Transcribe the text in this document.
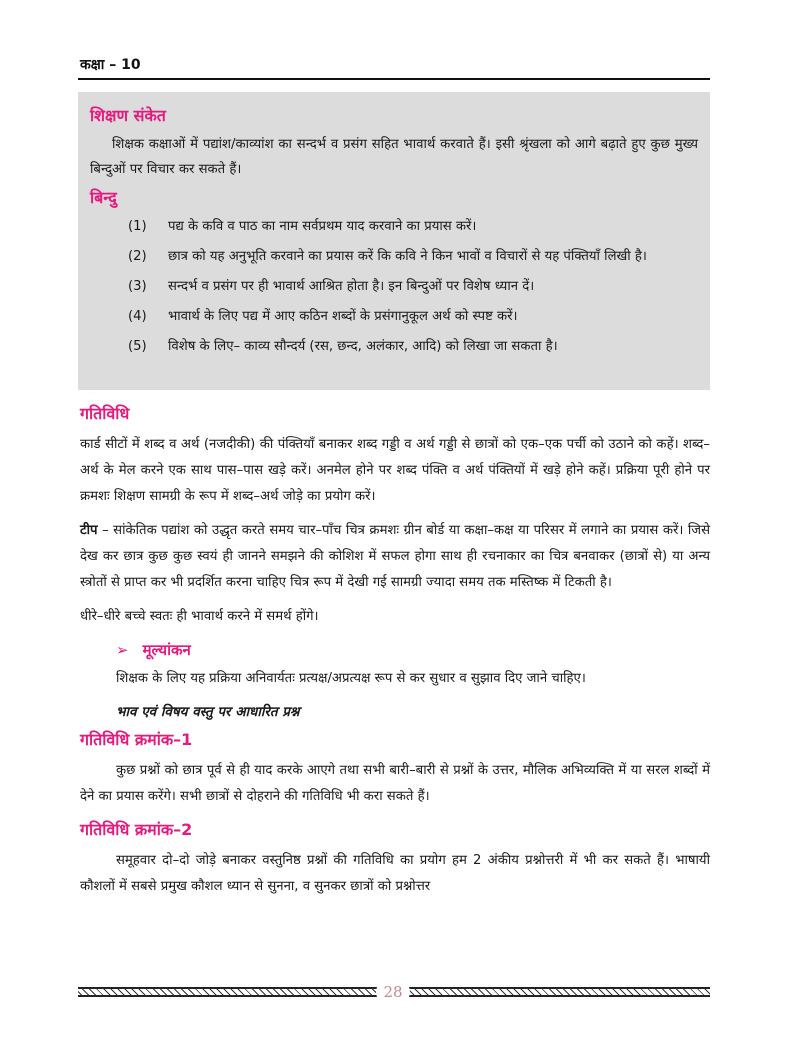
कक्षा – 10
शिक्षण संकेत

शिक्षक कक्षाओं में पद्यांश/काव्यांश का सन्दर्भ व प्रसंग सहित भावार्थ करवाते हैं। इसी श्रृंखला को आगे बढ़ाते हुए कुछ मुख्य बिन्दुओं पर विचार कर सकते हैं।

बिन्दु
(1)	पद्य के कवि व पाठ का नाम सर्वप्रथम याद करवाने का प्रयास करें।
(2)	छात्र को यह अनुभूति करवाने का प्रयास करें कि कवि ने किन भावों व विचारों से यह पंक्तियाँ लिखी है।
(3)	सन्दर्भ व प्रसंग पर ही भावार्थ आश्रित होता है। इन बिन्दुओं पर विशेष ध्यान दें।
(4)	भावार्थ के लिए पद्य में आए कठिन शब्दों के प्रसंगानुकूल अर्थ को स्पष्ट करें।
(5)	विशेष के लिए– काव्य सौन्दर्य (रस, छन्द, अलंकार, आदि) को लिखा जा सकता है।
गतिविधि

कार्ड सीटों में शब्द व अर्थ (नजदीकी) की पंक्तियाँ बनाकर शब्द गड्डी व अर्थ गड्डी से छात्रों को एक–एक पर्ची को उठाने को कहें। शब्द–अर्थ के मेल करने एक साथ पास–पास खड़े करें। अनमेल होने पर शब्द पंक्ति व अर्थ पंक्तियों में खड़े होने कहें। प्रक्रिया पूरी होने पर क्रमशः शिक्षण सामग्री के रूप में शब्द–अर्थ जोड़े का प्रयोग करें।

टीप – सांकेतिक पद्यांश को उद्धृत करते समय चार–पाँच चित्र क्रमशः ग्रीन बोर्ड या कक्षा–कक्ष या परिसर में लगाने का प्रयास करें। जिसे देख कर छात्र कुछ कुछ स्वयं ही जानने समझने की कोशिश में सफल होगा साथ ही रचनाकार का चित्र बनवाकर (छात्रों से) या अन्य स्त्रोतों से प्राप्त कर भी प्रदर्शित करना चाहिए चित्र रूप में देखी गई सामग्री ज्यादा समय तक मस्तिष्क में टिकती है।

धीरे–धीरे बच्चे स्वतः ही भावार्थ करने में समर्थ होंगे।

➢ मूल्यांकन

शिक्षक के लिए यह प्रक्रिया अनिवार्यतः प्रत्यक्ष/अप्रत्यक्ष रूप से कर सुधार व सुझाव दिए जाने चाहिए।

भाव एवं विषय वस्तु पर आधारित प्रश्न
गतिविधि क्रमांक–1

कुछ प्रश्नों को छात्र पूर्व से ही याद करके आएगे तथा सभी बारी–बारी से प्रश्नों के उत्तर, मौलिक अभिव्यक्ति में या सरल शब्दों में देने का प्रयास करेंगे। सभी छात्रों से दोहराने की गतिविधि भी करा सकते हैं।

गतिविधि क्रमांक–2

समूहवार दो–दो जोड़े बनाकर वस्तुनिष्ठ प्रश्नों की गतिविधि का प्रयोग हम 2 अंकीय प्रश्नोत्तरी में भी कर सकते हैं। भाषायी कौशलों में सबसे प्रमुख कौशल ध्यान से सुनना, व सुनकर छात्रों को प्रश्नोत्तर

28
